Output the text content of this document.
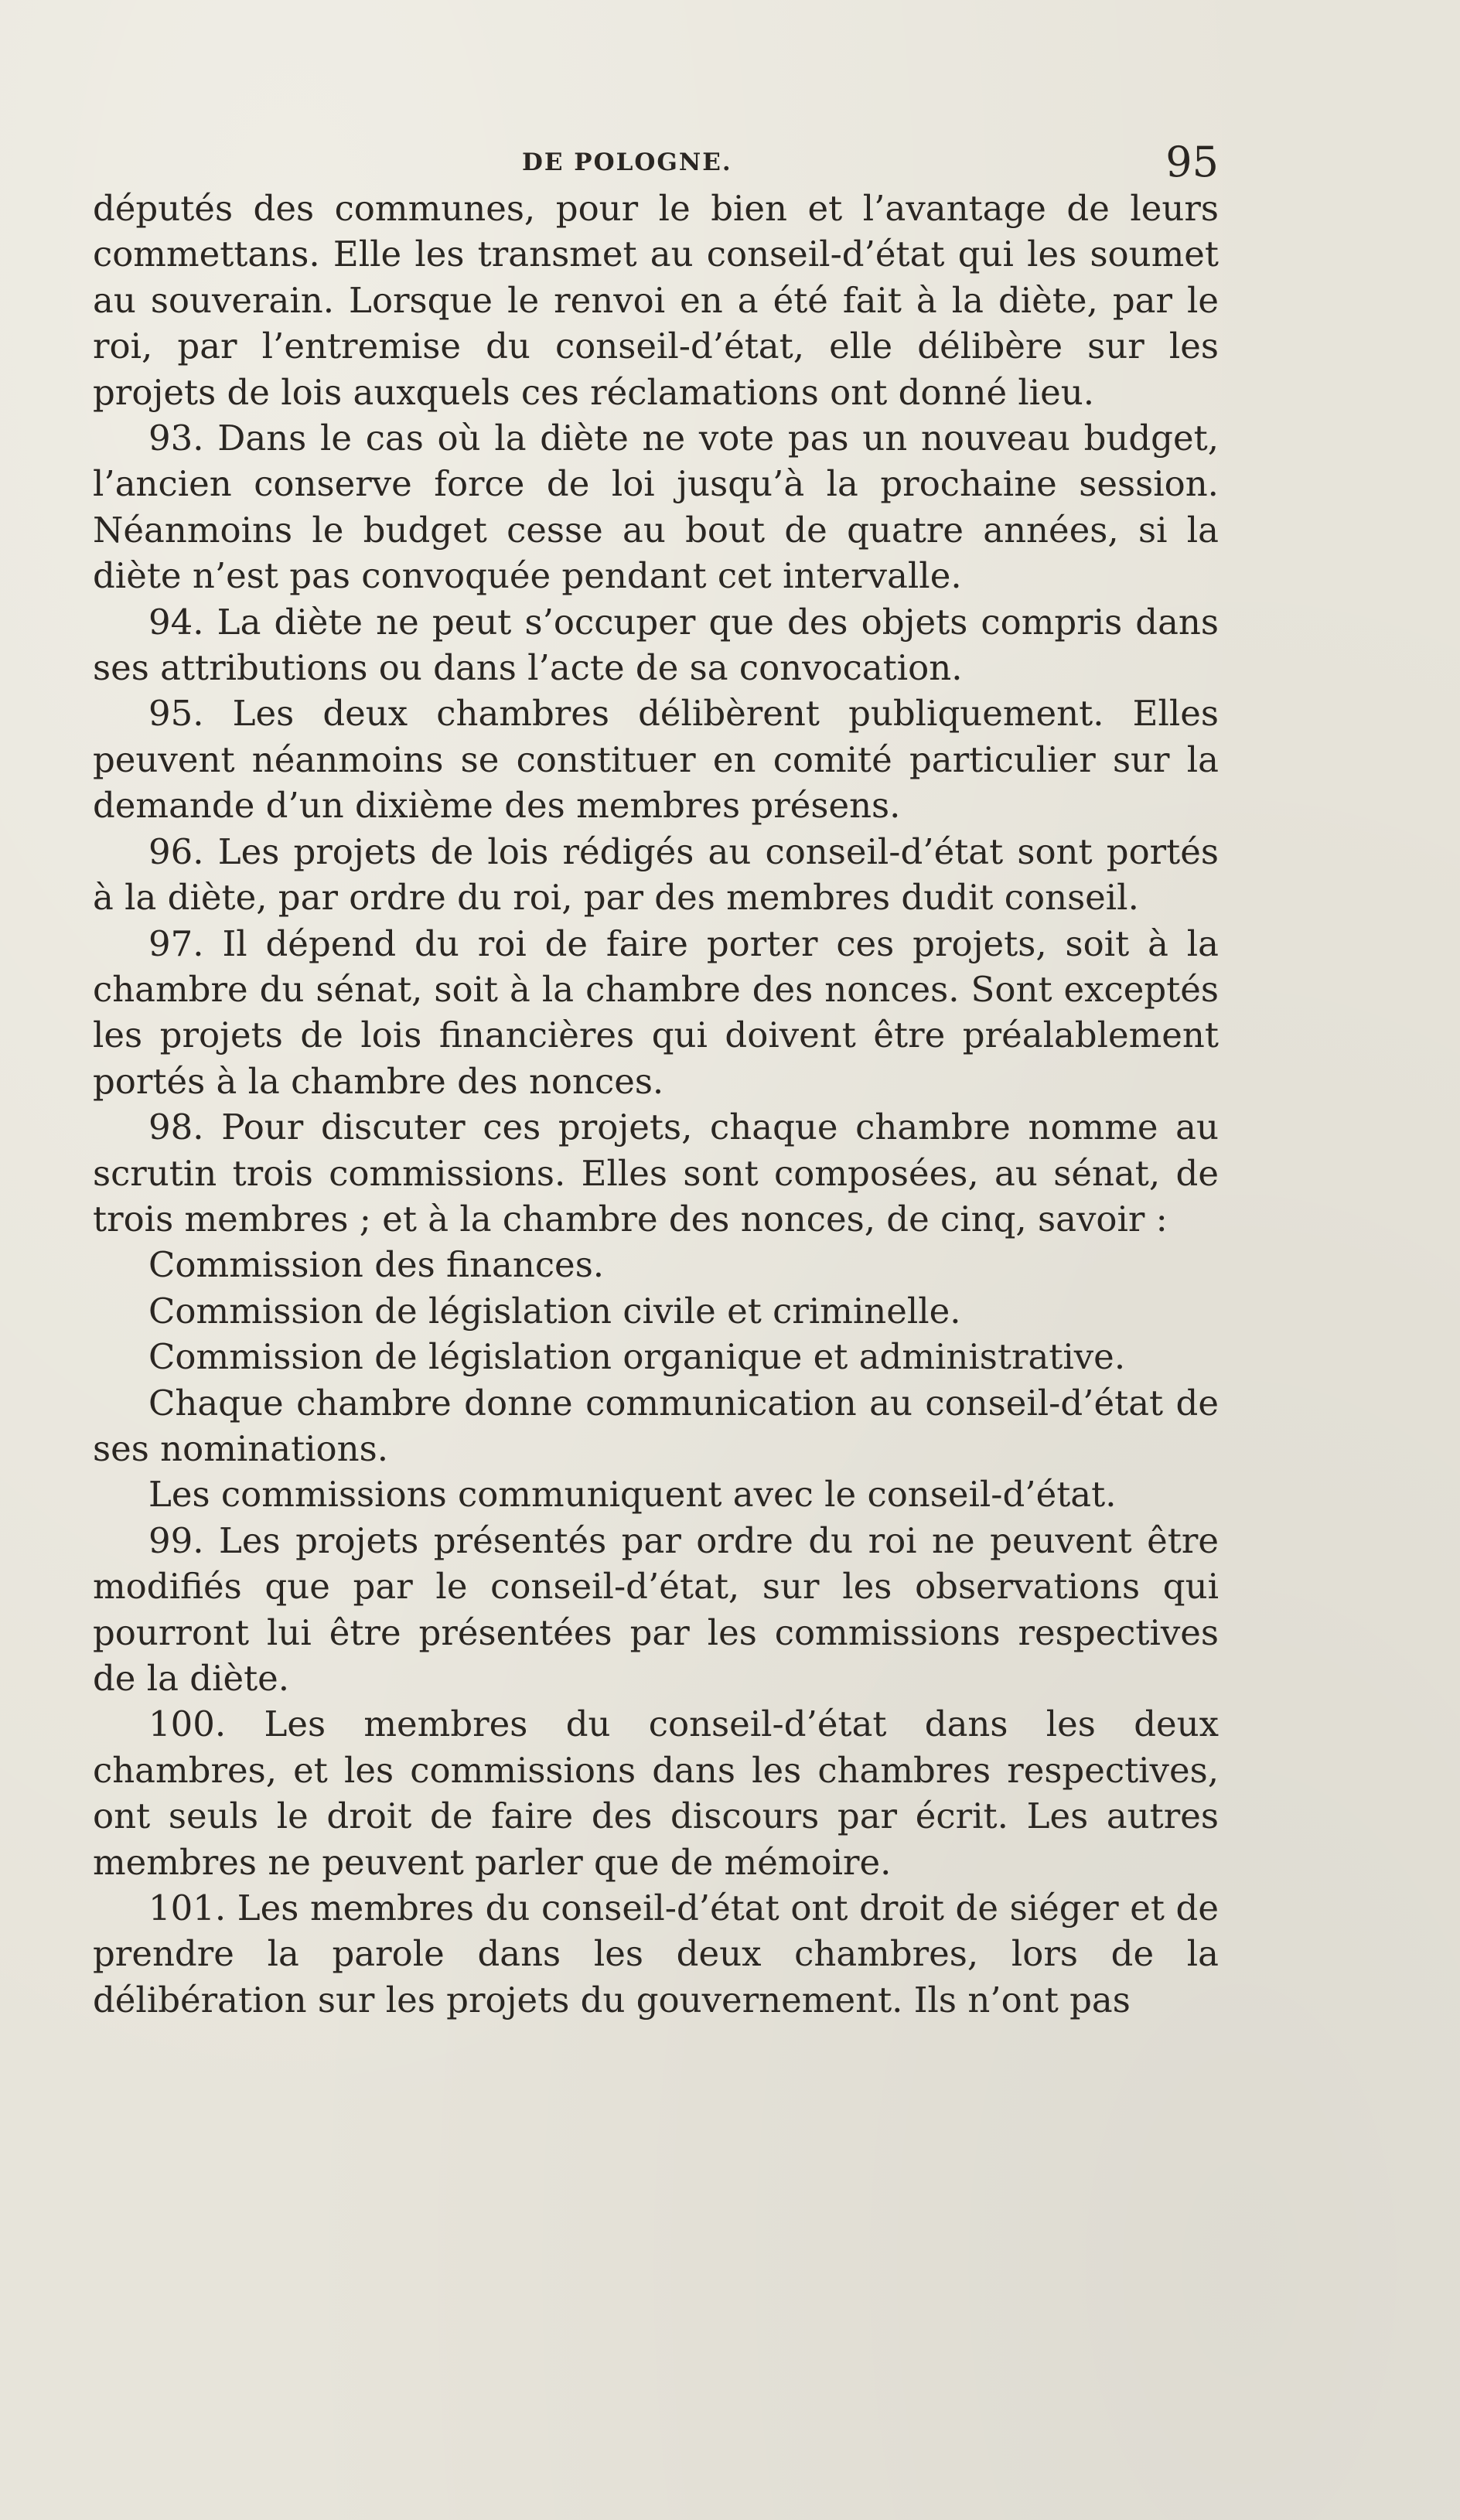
DE POLOGNE.	95

députés des communes, pour le bien et l’avantage de leurs commettans. Elle les transmet au conseil-d’état qui les soumet au souverain. Lorsque le renvoi en a été fait à la diète, par le roi, par l’entremise du conseil-d’état, elle délibère sur les projets de lois auxquels ces réclamations ont donné lieu.

93. Dans le cas où la diète ne vote pas un nouveau budget, l’ancien conserve force de loi jusqu’à la prochaine session. Néanmoins le budget cesse au bout de quatre années, si la diète n’est pas convoquée pendant cet intervalle.

94. La diète ne peut s’occuper que des objets compris dans ses attributions ou dans l’acte de sa convocation.

95. Les deux chambres délibèrent publiquement. Elles peuvent néanmoins se constituer en comité particulier sur la demande d’un dixième des membres présens.

96. Les projets de lois rédigés au conseil-d’état sont portés à la diète, par ordre du roi, par des membres dudit conseil.

97. Il dépend du roi de faire porter ces projets, soit à la chambre du sénat, soit à la chambre des nonces. Sont exceptés les projets de lois financières qui doivent être préalablement portés à la chambre des nonces.

98. Pour discuter ces projets, chaque chambre nomme au scrutin trois commissions. Elles sont composées, au sénat, de trois membres ; et à la chambre des nonces, de cinq, savoir :

Commission des finances.

Commission de législation civile et criminelle.

Commission de législation organique et administrative.

Chaque chambre donne communication au conseil-d’état de ses nominations.

Les commissions communiquent avec le conseil-d’état.

99. Les projets présentés par ordre du roi ne peuvent être modifiés que par le conseil-d’état, sur les observations qui pourront lui être présentées par les commissions respectives de la diète.

100. Les membres du conseil-d’état dans les deux chambres, et les commissions dans les chambres respectives, ont seuls le droit de faire des discours par écrit. Les autres membres ne peuvent parler que de mémoire.

101. Les membres du conseil-d’état ont droit de siéger et de prendre la parole dans les deux chambres, lors de la délibération sur les projets du gouvernement. Ils n’ont pas
